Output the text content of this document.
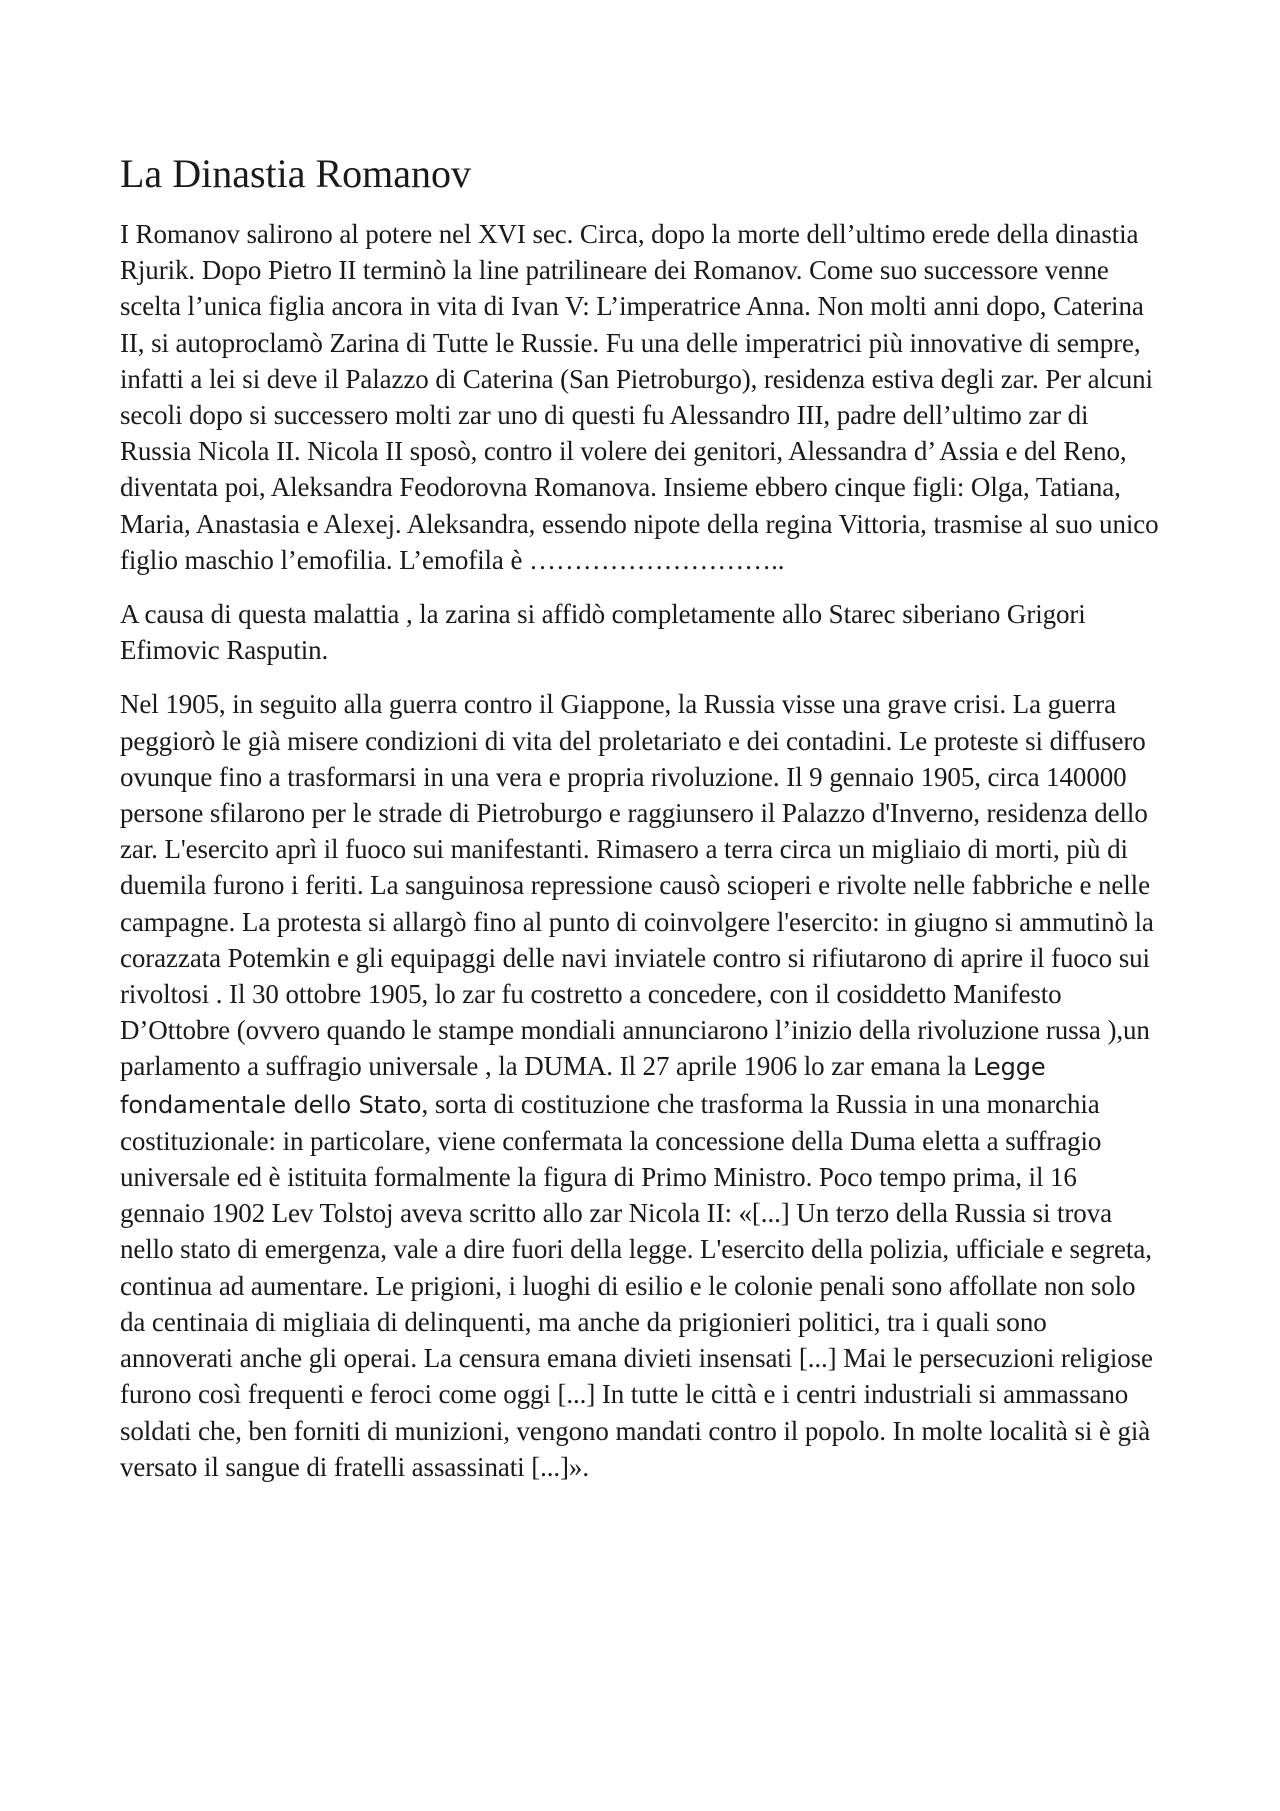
La Dinastia Romanov

I Romanov salirono al potere nel XVI sec. Circa, dopo la morte dell’ultimo erede della dinastia Rjurik. Dopo Pietro II terminò la line patrilineare dei Romanov. Come suo successore venne scelta l’unica figlia ancora in vita di Ivan V: L’imperatrice Anna. Non molti anni dopo, Caterina II, si autoproclamò Zarina di Tutte le Russie. Fu una delle imperatrici più innovative di sempre, infatti a lei si deve il Palazzo di Caterina (San Pietroburgo), residenza estiva degli zar. Per alcuni secoli dopo si successero molti zar uno di questi fu Alessandro III, padre dell’ultimo zar di Russia Nicola II. Nicola II sposò, contro il volere dei genitori, Alessandra d’ Assia e del Reno, diventata poi, Aleksandra Feodorovna Romanova. Insieme ebbero cinque figli: Olga, Tatiana, Maria, Anastasia e Alexej. Aleksandra, essendo nipote della regina Vittoria, trasmise al suo unico figlio maschio l’emofilia. L’emofila è ………………………..

A causa di questa malattia , la zarina si affidò completamente allo Starec siberiano Grigori Efimovic Rasputin.

Nel 1905, in seguito alla guerra contro il Giappone, la Russia visse una grave crisi. La guerra peggiorò le già misere condizioni di vita del proletariato e dei contadini. Le proteste si diffusero ovunque fino a trasformarsi in una vera e propria rivoluzione. Il 9 gennaio 1905, circa 140000 persone sfilarono per le strade di Pietroburgo e raggiunsero il Palazzo d'Inverno, residenza dello zar. L'esercito aprì il fuoco sui manifestanti. Rimasero a terra circa un migliaio di morti, più di duemila furono i feriti. La sanguinosa repressione causò scioperi e rivolte nelle fabbriche e nelle campagne. La protesta si allargò fino al punto di coinvolgere l'esercito: in giugno si ammutinò la corazzata Potemkin e gli equipaggi delle navi inviatele contro si rifiutarono di aprire il fuoco sui rivoltosi . Il 30 ottobre 1905, lo zar fu costretto a concedere, con il cosiddetto Manifesto D’Ottobre (ovvero quando le stampe mondiali annunciarono l’inizio della rivoluzione russa ),un parlamento a suffragio universale , la DUMA. Il 27 aprile 1906 lo zar emana la Legge fondamentale dello Stato, sorta di costituzione che trasforma la Russia in una monarchia costituzionale: in particolare, viene confermata la concessione della Duma eletta a suffragio universale ed è istituita formalmente la figura di Primo Ministro. Poco tempo prima, il 16 gennaio 1902 Lev Tolstoj aveva scritto allo zar Nicola II: «[...] Un terzo della Russia si trova nello stato di emergenza, vale a dire fuori della legge. L'esercito della polizia, ufficiale e segreta, continua ad aumentare. Le prigioni, i luoghi di esilio e le colonie penali sono affollate non solo da centinaia di migliaia di delinquenti, ma anche da prigionieri politici, tra i quali sono annoverati anche gli operai. La censura emana divieti insensati [...] Mai le persecuzioni religiose furono così frequenti e feroci come oggi [...] In tutte le città e i centri industriali si ammassano soldati che, ben forniti di munizioni, vengono mandati contro il popolo. In molte località si è già versato il sangue di fratelli assassinati [...]».
